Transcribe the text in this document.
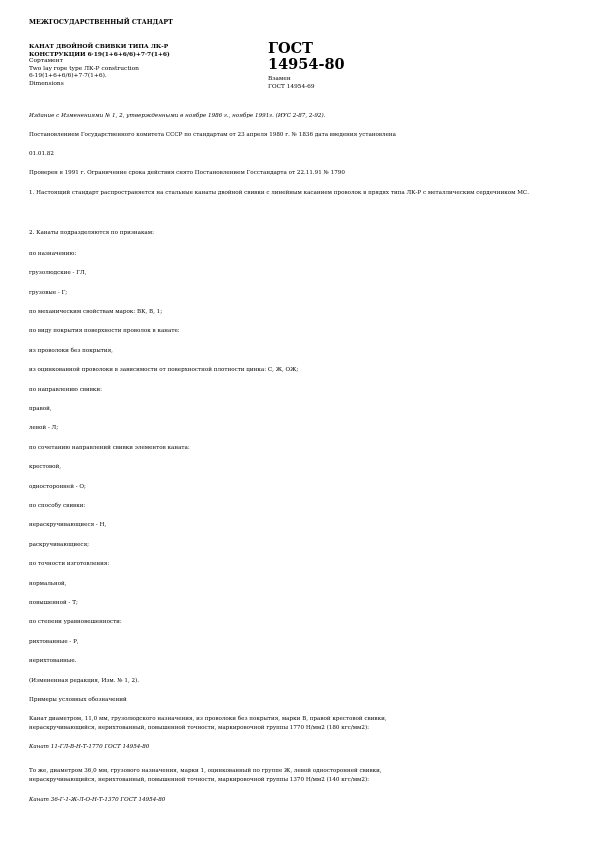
МЕЖГОСУДАРСТВЕННЫЙ СТАНДАРТ
КАНАТ ДВОЙНОЙ СВИВКИ ТИПА ЛК-Р
КОНСТРУКЦИИ 6·19(1+6+6/6)+7·7(1+6)
Сортамент
Two lay rope type ЛК-Р construction
6·19(1+6+6/6)+7·7(1+6).
Dimensions
ГОСТ
14954-80
Взамен
ГОСТ 14954-69
Издание с Изменениями № 1, 2, утвержденными в ноябре 1986 г., ноябре 1991г. (ИУС 2-87, 2-92).
Постановлением Государственного комитета СССР по стандартам от 23 апреля 1980 г. № 1836 дата введения установлена
01.01.82
Проверен в 1991 г. Ограничение срока действия снято Постановлением Госстандарта от 22.11.91 № 1790
1. Настоящий стандарт распространяется на стальные канаты двойной свивки с линейным касанием проволок в прядях типа ЛК-Р с металлическим сердечником МС.
2. Канаты подразделяются по признакам:
по назначению:
грузолюдские - ГЛ,
грузовые - Г;
по механическим свойствам марок: ВК, В, 1;
по виду покрытия поверхности проволок в канате:
из проволоки без покрытия,
из оцинкованной проволоки в зависимости от поверхностной плотности цинка: С, Ж, ОЖ;
по направлению свивки:
правой,
левой - Л;
по сочетанию направлений свивки элементов каната:
крестовой,
односторонней - О;
по способу свивки:
нераскручивающиеся - Н,
раскручивающиеся;
по точности изготовления:
нормальной,
повышенной - Т;
по степени уравновешенности:
рихтованные - Р,
нерихтованные.
(Измененная редакция, Изм. № 1, 2).
Примеры условных обозначений
Канат диаметром, 11,0 мм, грузолюдского назначения, из проволоки без покрытия, марки В, правой крестовой свивки,
нераскручивающийся, нерихтованный, повышенной точности, маркировочной группы 1770 Н/мм2 (180 кгс/мм2):
Канат 11-ГЛ-В-Н-Т-1770 ГОСТ 14954-80
То же, диаметром 36,0 мм, грузового назначения, марки 1, оцинкованный по группе Ж, левой односторонней свивки,
нераскручивающийся, нерихтованный, повышенной точности, маркировочной группы 1370 Н/мм2 (140 кгс/мм2):
Канат 36-Г-1-Ж-Л-О-Н-Т-1370 ГОСТ 14954-80
